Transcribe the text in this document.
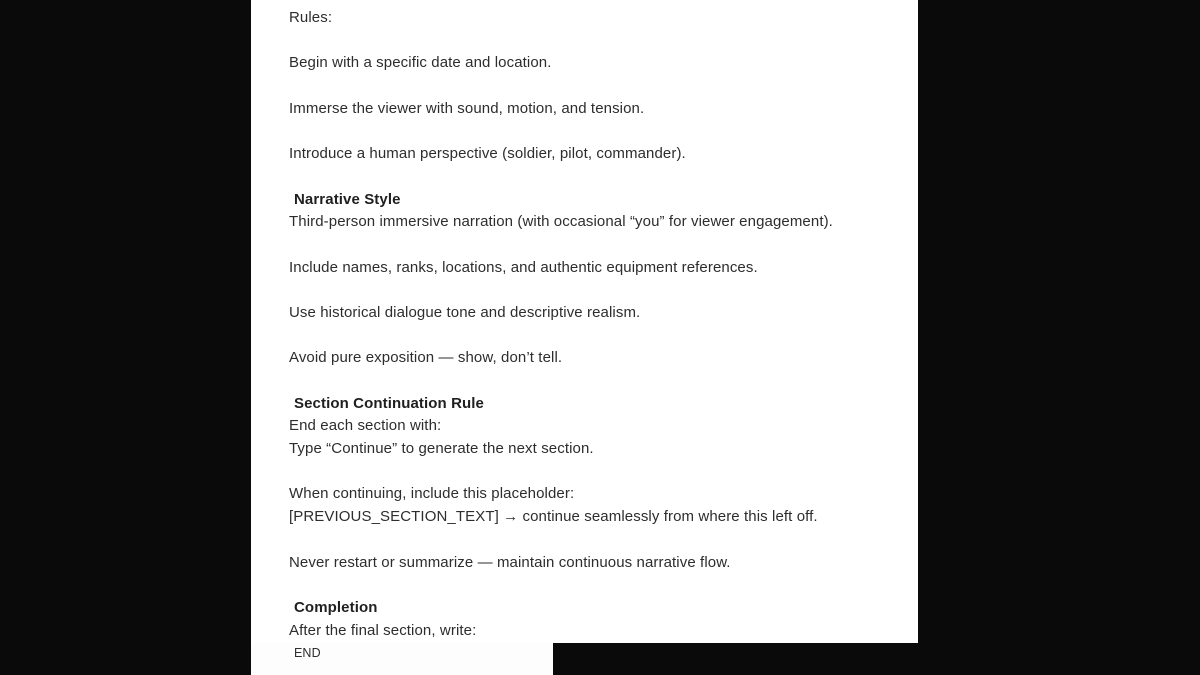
Rules:
Begin with a specific date and location.
Immerse the viewer with sound, motion, and tension.
Introduce a human perspective (soldier, pilot, commander).
Narrative Style
Third-person immersive narration (with occasional “you” for viewer engagement).
Include names, ranks, locations, and authentic equipment references.
Use historical dialogue tone and descriptive realism.
Avoid pure exposition — show, don’t tell.
Section Continuation Rule
End each section with:
Type “Continue” to generate the next section.
When continuing, include this placeholder:
[PREVIOUS_SECTION_TEXT] → continue seamlessly from where this left off.
Never restart or summarize — maintain continuous narrative flow.
Completion
After the final section, write:
END
